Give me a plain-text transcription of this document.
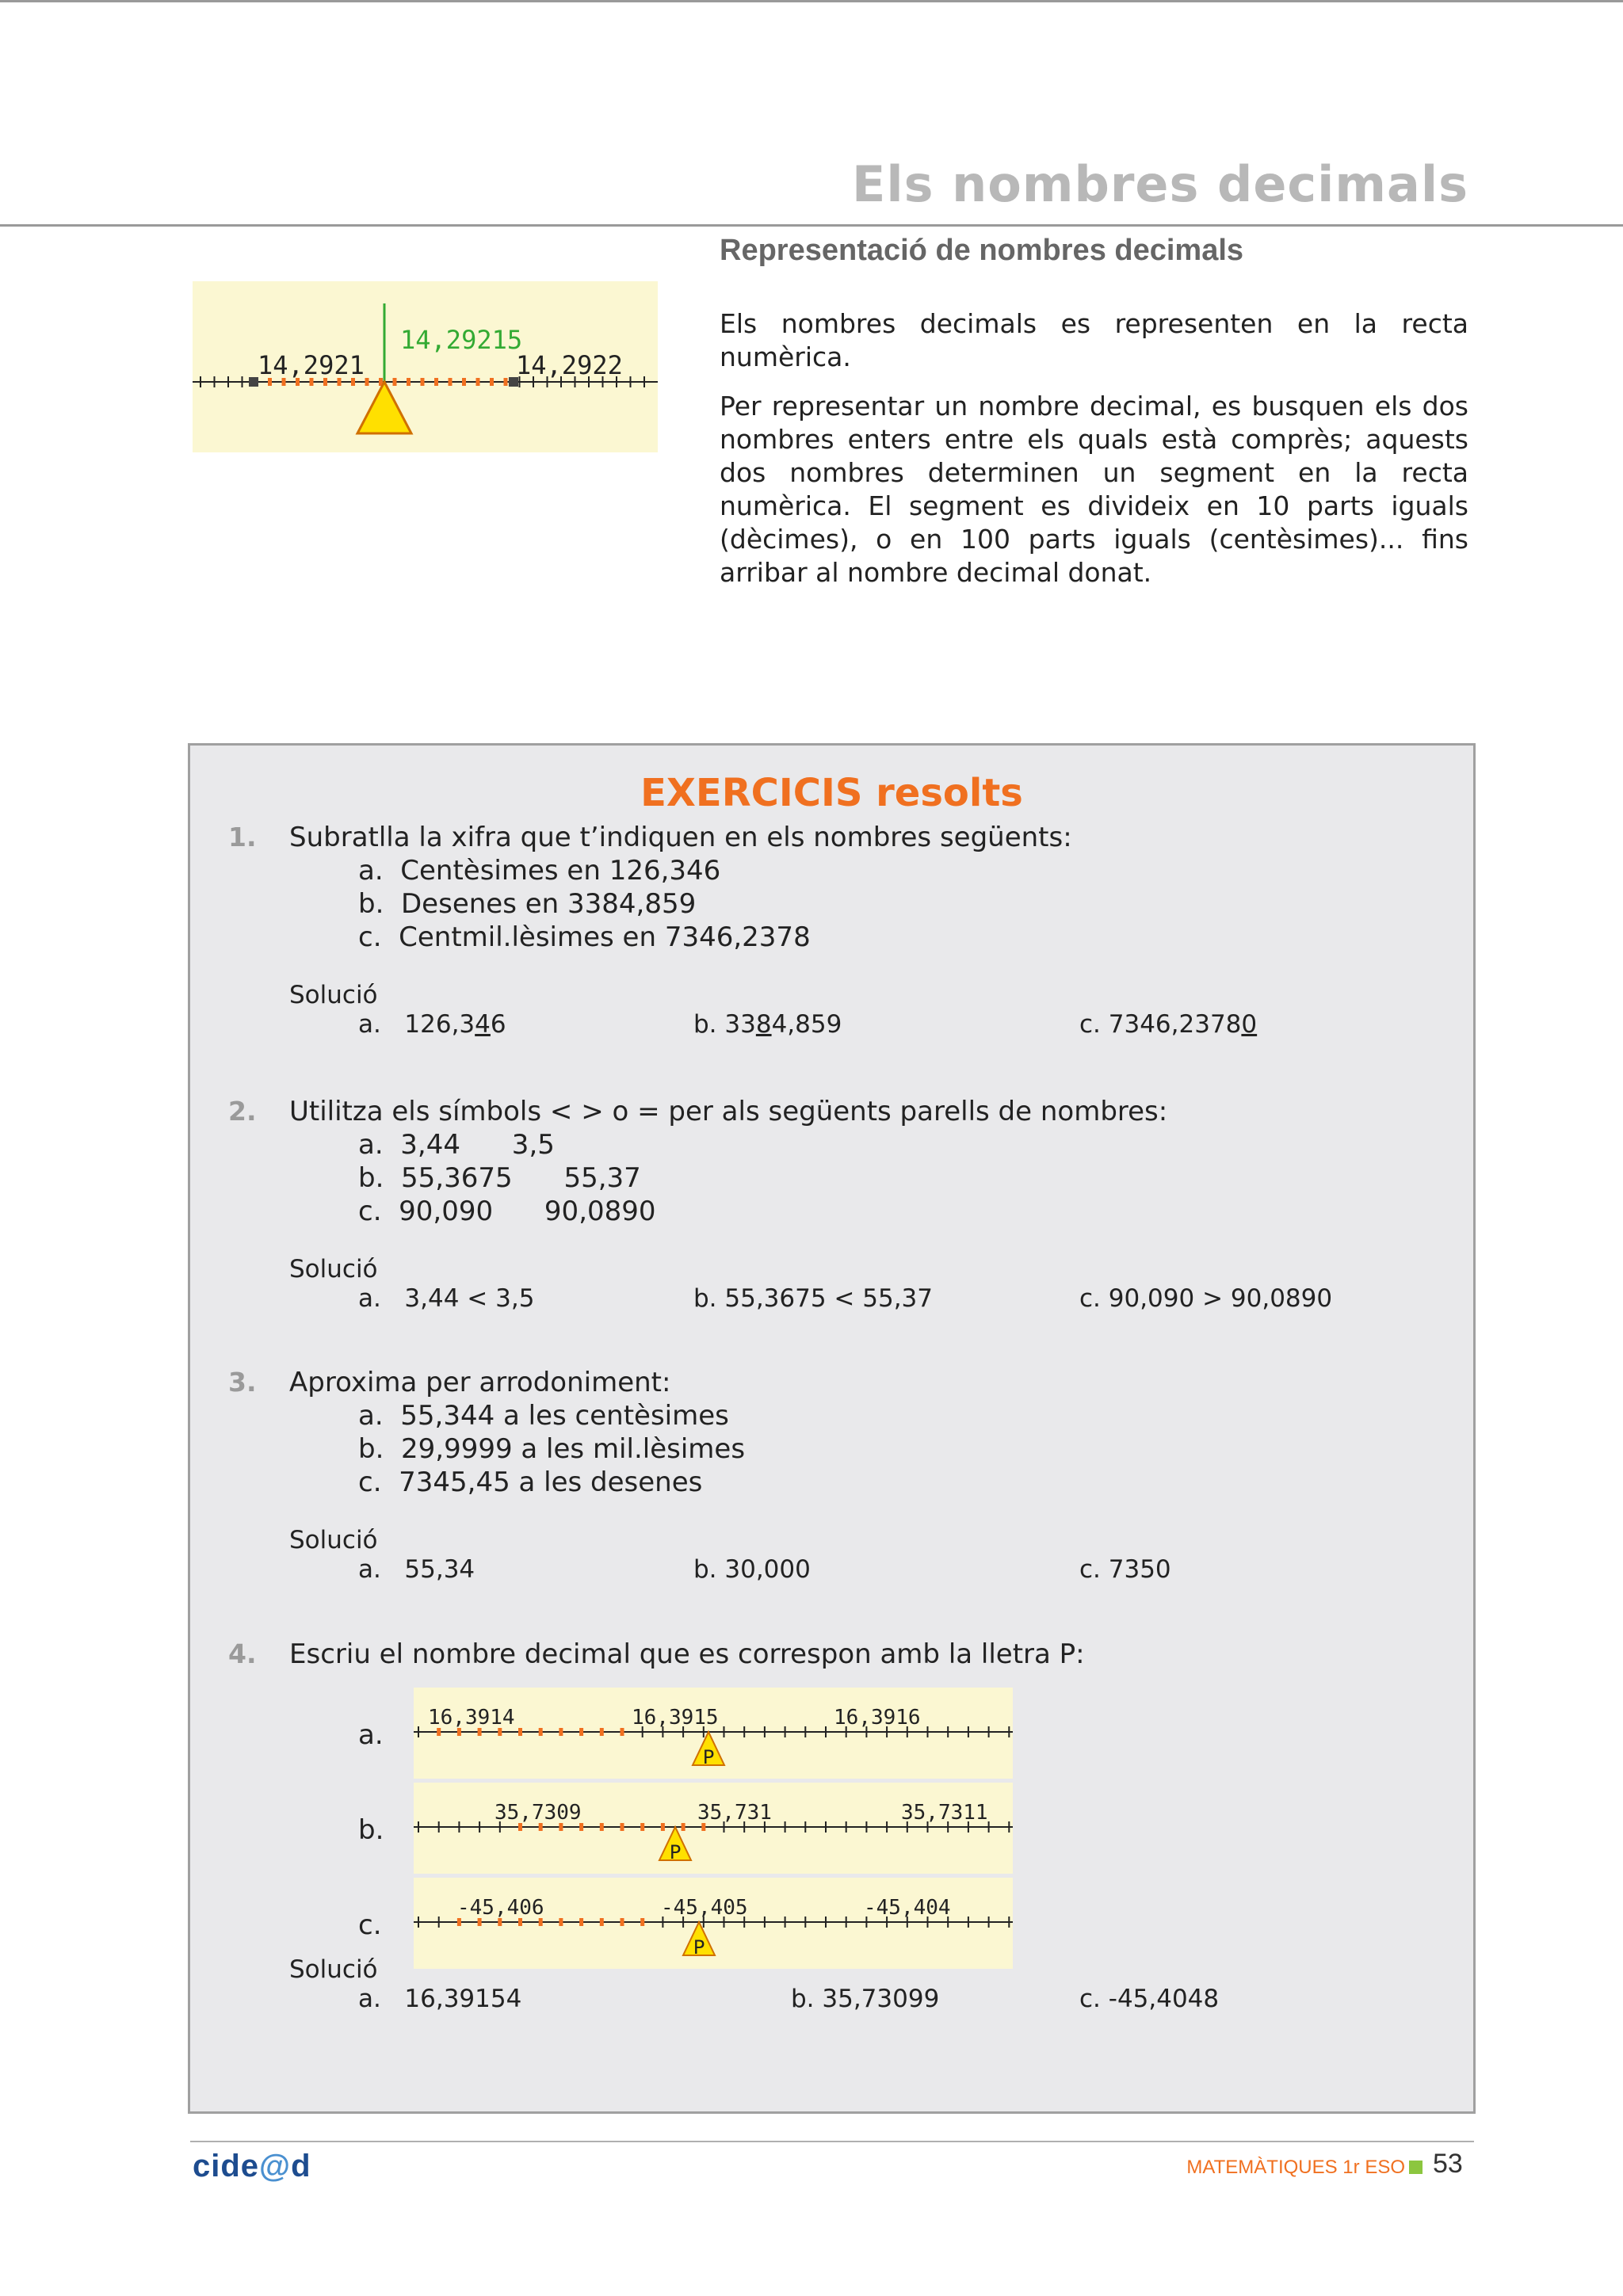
Els nombres decimals
Representació de nombres decimals
14,29215
14,2921	14,2922

Els nombres decimals es representen en la recta numèrica.

Per representar un nombre decimal, es busquen els dos nombres enters entre els quals està comprès; aquests dos nombres determinen un segment en la recta numèrica. El segment es divideix en 10 parts iguals (dècimes), o en 100 parts iguals (centèsimes)... fins arribar al nombre decimal donat.

EXERCICIS resolts
1. Subratlla la xifra que t’indiquen en els nombres següents:
a.  Centèsimes en 126,346
b.  Desenes en 3384,859
c.  Centmil.lèsimes en 7346,2378
Solució
a.   126,346	b. 3384,859	c. 7346,23780
2. Utilitza els símbols < > o = per als següents parells de nombres:
a.  3,44      3,5
b.  55,3675      55,37
c.  90,090      90,0890
Solució
a.   3,44 < 3,5	b. 55,3675 < 55,37	c. 90,090 > 90,0890
3. Aproxima per arrodoniment:
a.  55,344 a les centèsimes
b.  29,9999 a les mil.lèsimes
c.  7345,45 a les desenes
Solució
a.   55,34	b. 30,000	c. 7350
4. Escriu el nombre decimal que es correspon amb la lletra P:
a.
b.
c.
16,3914	16,3915	16,3916
P
35,7309	35,731	35,7311
P
-45,406	-45,405	-45,404
P
Solució
a.   16,39154	b. 35,73099	c. -45,4048
cide@d	MATEMÀTIQUES 1r ESO 53
